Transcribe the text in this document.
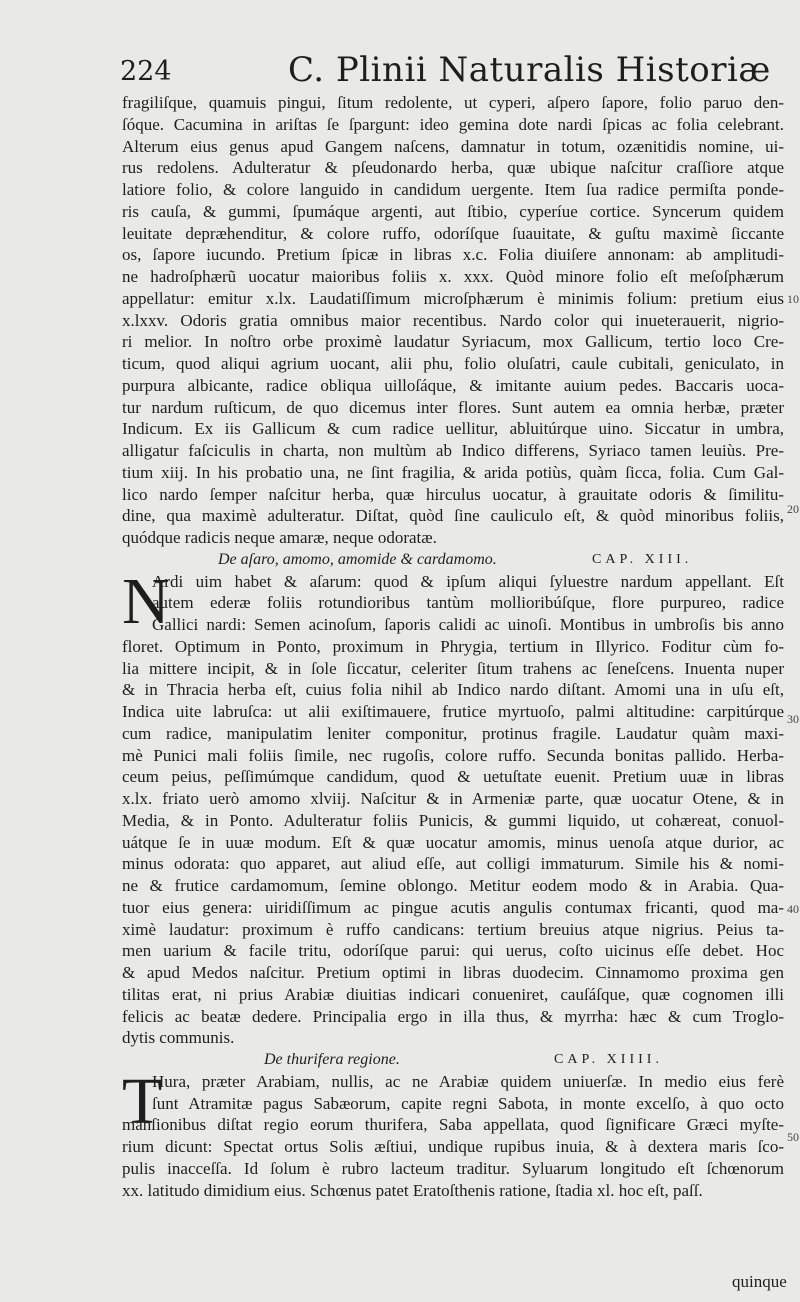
224	C. Plinii Naturalis Historiæ
fragiliſque, quamuis pingui, ſitum redolente, ut cyperi, aſpero ſapore, folio paruo den-
ſóque. Cacumina in ariſtas ſe ſpargunt: ideo gemina dote nardi ſpicas ac folia celebrant.
Alterum eius genus apud Gangem naſcens, damnatur in totum, ozænitidis nomine, ui-
rus redolens. Adulteratur & pſeudonardo herba, quæ ubique naſcitur craſſiore atque
latiore folio, & colore languido in candidum uergente. Item ſua radice permiſta ponde-
ris cauſa, & gummi, ſpumáque argenti, aut ſtibio, cyperíue cortice. Syncerum quidem
leuitate depræhenditur, & colore ruffo, odoríſque ſuauitate, & guſtu maximè ſiccante
os, ſapore iucundo. Pretium ſpicæ in libras x.c. Folia diuiſere annonam: ab amplitudi-
ne hadroſphærũ uocatur maioribus foliis x. xxx. Quòd minore folio eſt meſoſphærum
appellatur: emitur x.lx. Laudatiſſimum microſphærum è minimis folium: pretium eius
x.lxxv. Odoris gratia omnibus maior recentibus. Nardo color qui inueterauerit, nigrio-
ri melior. In noſtro orbe proximè laudatur Syriacum, mox Gallicum, tertio loco Cre-
ticum, quod aliqui agrium uocant, alii phu, folio oluſatri, caule cubitali, geniculato, in
purpura albicante, radice obliqua uilloſáque, & imitante auium pedes. Baccaris uoca-
tur nardum ruſticum, de quo dicemus inter flores. Sunt autem ea omnia herbæ, præter
Indicum. Ex iis Gallicum & cum radice uellitur, abluitúrque uino. Siccatur in umbra,
alligatur faſciculis in charta, non multùm ab Indico differens, Syriaco tamen leuiùs. Pre-
tium xiij. In his probatio una, ne ſint fragilia, & arida potiùs, quàm ſicca, folia. Cum Gal-
lico nardo ſemper naſcitur herba, quæ hirculus uocatur, à grauitate odoris & ſimilitu-
dine, qua maximè adulteratur. Diſtat, quòd ſine cauliculo eſt, & quòd minoribus foliis,
quódque radicis neque amaræ, neque odoratæ.
De aſaro, amomo, amomide & cardamomo.	CAP. XIII.
N
Ardi uim habet & aſarum: quod & ipſum aliqui ſyluestre nardum appellant. Eſt
autem ederæ foliis rotundioribus tantùm mollioribúſque, flore purpureo, radice
Gallici nardi: Semen acinoſum, ſaporis calidi ac uinoſi. Montibus in umbroſis bis anno
floret. Optimum in Ponto, proximum in Phrygia, tertium in Illyrico. Foditur cùm fo-
lia mittere incipit, & in ſole ſiccatur, celeriter ſitum trahens ac ſeneſcens. Inuenta nuper
& in Thracia herba eſt, cuius folia nihil ab Indico nardo diſtant. Amomi una in uſu eſt,
Indica uite labruſca: ut alii exiſtimauere, frutice myrtuoſo, palmi altitudine: carpitúrque
cum radice, manipulatim leniter componitur, protinus fragile. Laudatur quàm maxi-
mè Punici mali foliis ſimile, nec rugoſis, colore ruffo. Secunda bonitas pallido. Herba-
ceum peius, peſſimúmque candidum, quod & uetuſtate euenit. Pretium uuæ in libras
x.lx. friato uerò amomo xlviij. Naſcitur & in Armeniæ parte, quæ uocatur Otene, & in
Media, & in Ponto. Adulteratur foliis Punicis, & gummi liquido, ut cohæreat, conuol-
uátque ſe in uuæ modum. Eſt & quæ uocatur amomis, minus uenoſa atque durior, ac
minus odorata: quo apparet, aut aliud eſſe, aut colligi immaturum. Simile his & nomi-
ne & frutice cardamomum, ſemine oblongo. Metitur eodem modo & in Arabia. Qua-
tuor eius genera: uiridiſſimum ac pingue acutis angulis contumax fricanti, quod ma-
ximè laudatur: proximum è ruffo candicans: tertium breuius atque nigrius. Peius ta-
men uarium & facile tritu, odoríſque parui: qui uerus, coſto uicinus eſſe debet. Hoc
& apud Medos naſcitur. Pretium optimi in libras duodecim. Cinnamomo proxima gen
tilitas erat, ni prius Arabiæ diuitias indicari conueniret, cauſáſque, quæ cognomen illi
felicis ac beatæ dedere. Principalia ergo in illa thus, & myrrha: hæc & cum Troglo-
dytis communis.
De thurifera regione.	CAP. XIIII.
T
Hura, præter Arabiam, nullis, ac ne Arabiæ quidem uniuerſæ. In medio eius ferè
ſunt Atramitæ pagus Sabæorum, capite regni Sabota, in monte excelſo, à quo octo
manſionibus diſtat regio eorum thurifera, Saba appellata, quod ſignificare Græci myſte-
rium dicunt: Spectat ortus Solis æſtiui, undique rupibus inuia, & à dextera maris ſco-
pulis inacceſſa. Id ſolum è rubro lacteum traditur. Syluarum longitudo eſt ſchœnorum
xx. latitudo dimidium eius. Schœnus patet Eratoſthenis ratione, ſtadia xl. hoc eſt, paſſ.
10
20
30
40
50
quinque
